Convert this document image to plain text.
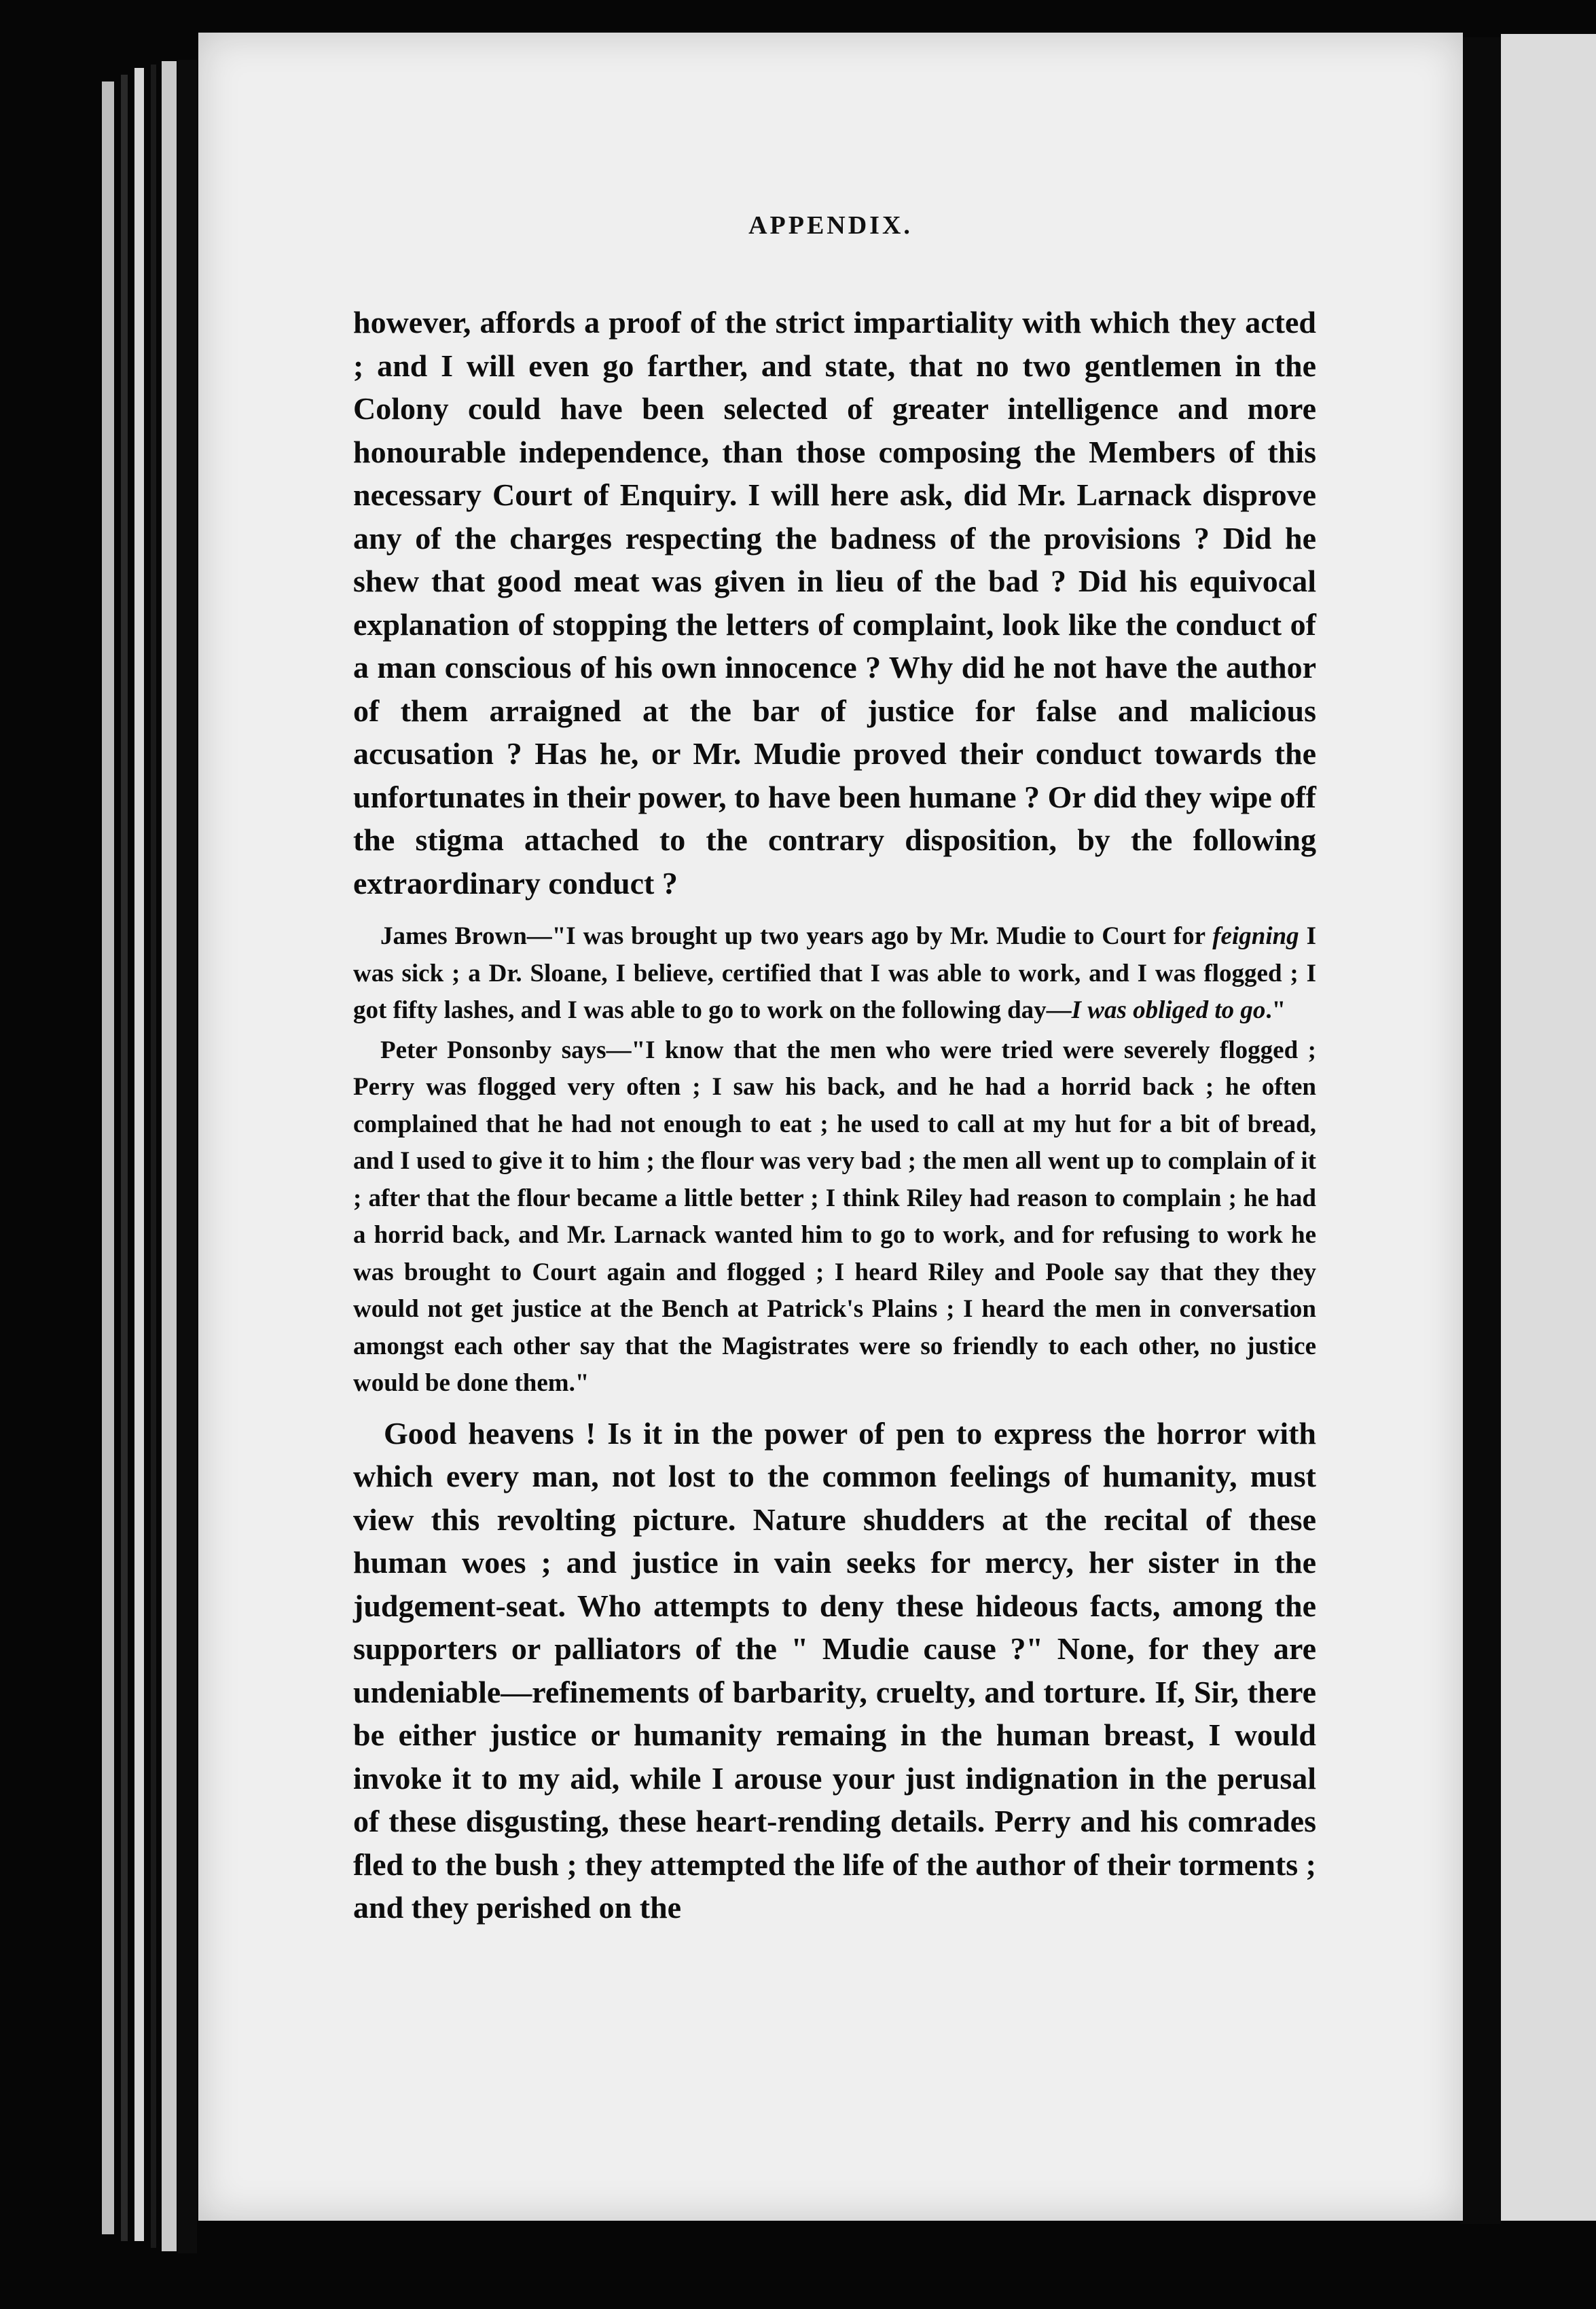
APPENDIX.

however, affords a proof of the strict impartiality with which they acted ; and I will even go farther, and state, that no two gentlemen in the Colony could have been selected of greater intelligence and more honourable independence, than those composing the Members of this necessary Court of Enquiry. I will here ask, did Mr. Larnack disprove any of the charges respecting the badness of the provisions ? Did he shew that good meat was given in lieu of the bad ? Did his equivocal explanation of stopping the letters of complaint, look like the conduct of a man conscious of his own innocence ? Why did he not have the author of them arraigned at the bar of justice for false and malicious accusation ? Has he, or Mr. Mudie proved their conduct towards the unfortunates in their power, to have been humane ? Or did they wipe off the stigma attached to the contrary disposition, by the following extraordinary conduct ?

James Brown—"I was brought up two years ago by Mr. Mudie to Court for feigning I was sick ; a Dr. Sloane, I believe, certified that I was able to work, and I was flogged ; I got fifty lashes, and I was able to go to work on the following day—I was obliged to go."

Peter Ponsonby says—"I know that the men who were tried were severely flogged ; Perry was flogged very often ; I saw his back, and he had a horrid back ; he often complained that he had not enough to eat ; he used to call at my hut for a bit of bread, and I used to give it to him ; the flour was very bad ; the men all went up to complain of it ; after that the flour became a little better ; I think Riley had reason to complain ; he had a horrid back, and Mr. Larnack wanted him to go to work, and for refusing to work he was brought to Court again and flogged ; I heard Riley and Poole say that they they would not get justice at the Bench at Patrick's Plains ; I heard the men in conversation amongst each other say that the Magistrates were so friendly to each other, no justice would be done them."

Good heavens ! Is it in the power of pen to express the horror with which every man, not lost to the common feelings of humanity, must view this revolting picture. Nature shudders at the recital of these human woes ; and justice in vain seeks for mercy, her sister in the judgement-seat. Who attempts to deny these hideous facts, among the supporters or palliators of the " Mudie cause ?" None, for they are undeniable—refinements of barbarity, cruelty, and torture. If, Sir, there be either justice or humanity remaing in the human breast, I would invoke it to my aid, while I arouse your just indignation in the perusal of these disgusting, these heart-rending details. Perry and his comrades fled to the bush ; they attempted the life of the author of their torments ; and they perished on the
